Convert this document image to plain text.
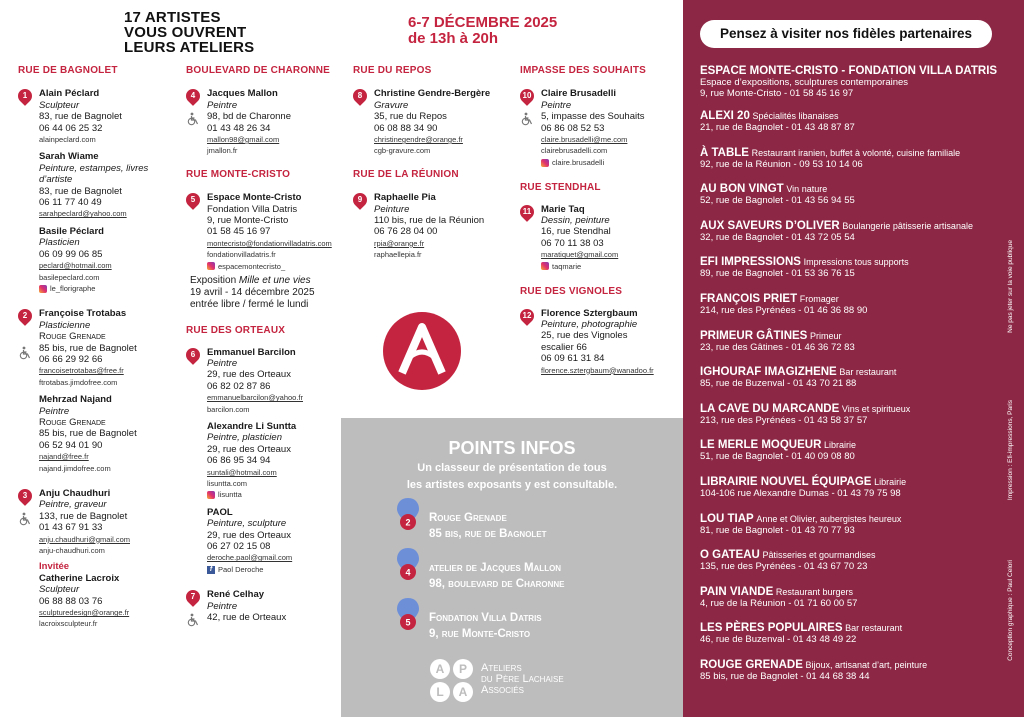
17 ARTISTES
VOUS OUVRENT
LEURS ATELIERS
6-7 DÉCEMBRE 2025
de 13h à 20h
RUE DE BAGNOLET
1	Alain Péclard
Sculpteur
83, rue de Bagnolet
06 44 06 25 32
alainpeclard.com
Sarah Wiame
Peinture, estampes, livres d’artiste
83, rue de Bagnolet
06 11 77 40 49
sarahpeclard@yahoo.com
Basile Péclard
Plasticien
06 09 99 06 85
peclard@hotmail.com
basilepeclard.com
le_florigraphe
2	Françoise Trotabas
Plasticienne
Rouge Grenade
85 bis, rue de Bagnolet
06 66 29 92 66
francoisetrotabas@free.fr
ftrotabas.jimdofree.com
Mehrzad Najand
Peintre
Rouge Grenade
85 bis, rue de Bagnolet
06 52 94 01 90
najand@free.fr
najand.jimdofree.com
3	Anju Chaudhuri
Peintre, graveur
133, rue de Bagnolet
01 43 67 91 33
anju.chaudhuri@gmail.com
anju-chaudhuri.com
Invitée
Catherine Lacroix
Sculpteur
06 88 88 03 76
sculpturedesign@orange.fr
lacroixsculpteur.fr
BOULEVARD DE CHARONNE
4	Jacques Mallon
Peintre
98, bd de Charonne
01 43 48 26 34
mallon98@gmail.com
jmallon.fr
RUE MONTE-CRISTO
5	Espace Monte-Cristo
Fondation Villa Datris
9, rue Monte-Cristo
01 58 45 16 97
montecristo@fondationvilladatris.com
fondationvilladatris.fr
espacemontecristo_
Exposition Mille et une vies
19 avril - 14 décembre 2025
entrée libre / fermé le lundi
RUE DES ORTEAUX
6	Emmanuel Barcilon
Peintre
29, rue des Orteaux
06 82 02 87 86
emmanuelbarcilon@yahoo.fr
barcilon.com
Alexandre Li Suntta
Peintre, plasticien
29, rue des Orteaux
06 86 95 34 94
suntali@hotmail.com
lisuntta.com
lisuntta
PAOL
Peinture, sculpture
29, rue des Orteaux
06 27 02 15 08
deroche.paol@gmail.com
f Paol Deroche
7	René Celhay
Peintre
42, rue de Orteaux
RUE DU REPOS
8	Christine Gendre-Bergère
Gravure
35, rue du Repos
06 08 88 34 90
christinegendre@orange.fr
cgb-gravure.com
RUE DE LA RÉUNION
9	Raphaelle Pia
Peinture
110 bis, rue de la Réunion
06 76 28 04 00
rpia@orange.fr
raphaellepia.fr
IMPASSE DES SOUHAITS
10 Claire Brusadelli
Peintre
5, impasse des Souhaits
06 86 08 52 53
claire.brusadelli@me.com
clairebrusadelli.com
claire.brusadelli
RUE STENDHAL
11 Marie Taq
Dessin, peinture
16, rue Stendhal
06 70 11 38 03
maratiquet@gmail.com
taqmarie
RUE DES VIGNOLES
12 Florence Sztergbaum
Peinture, photographie
25, rue des Vignoles
escalier 66
06 09 61 31 84
florence.sztergbaum@wanadoo.fr
POINTS INFOS
Un classeur de présentation de tous
les artistes exposants y est consultable.
2 Rouge Grenade
85 bis, rue de Bagnolet
4 atelier de Jacques Mallon
98, boulevard de Charonne
5 Fondation Villa Datris
9, rue Monte-Cristo
A P
L A
Ateliers
du Père Lachaise
Associés
Pensez à visiter nos fidèles partenaires
ESPACE MONTE-CRISTO - FONDATION VILLA DATRIS
Espace d’expositions, sculptures contemporaines
9, rue Monte-Cristo - 01 58 45 16 97
ALEXI 20 Spécialités libanaises
21, rue de Bagnolet - 01 43 48 87 87
À TABLE Restaurant iranien, buffet à volonté, cuisine familiale
92, rue de la Réunion - 09 53 10 14 06
AU BON VINGT Vin nature
52, rue de Bagnolet - 01 43 56 94 55
AUX SAVEURS D’OLIVER Boulangerie pâtisserie artisanale
32, rue de Bagnolet - 01 43 72 05 54
EFI IMPRESSIONS Impressions tous supports
89, rue de Bagnolet - 01 53 36 76 15
FRANÇOIS PRIET Fromager
214, rue des Pyrénées - 01 46 36 88 90
PRIMEUR GÂTINES Primeur
23, rue des Gâtines - 01 46 36 72 83
IGHOURAF IMAGIZHENE Bar restaurant
85, rue de Buzenval - 01 43 70 21 88
LA CAVE DU MARCANDE Vins et spiritueux
213, rue des Pyrénées - 01 43 58 37 57
LE MERLE MOQUEUR Librairie
51, rue de Bagnolet - 01 40 09 08 80
LIBRAIRIE NOUVEL ÉQUIPAGE Librairie
104-106 rue Alexandre Dumas - 01 43 79 75 98
LOU TIAP Anne et Olivier, aubergistes heureux
81, rue de Bagnolet - 01 43 70 77 93
O GATEAU Pâtisseries et gourmandises
135, rue des Pyrénées - 01 43 67 70 23
PAIN VIANDE Restaurant burgers
4, rue de la Réunion - 01 71 60 00 57
LES PÈRES POPULAIRES Bar restaurant
46, rue de Buzenval - 01 43 48 49 22
ROUGE GRENADE Bijoux, artisanat d’art, peinture
85 bis, rue de Bagnolet - 01 44 68 38 44
Ne pas jeter sur la voie publique
Impression : Efi-impressions, Paris
Conception graphique : Paul Celori
